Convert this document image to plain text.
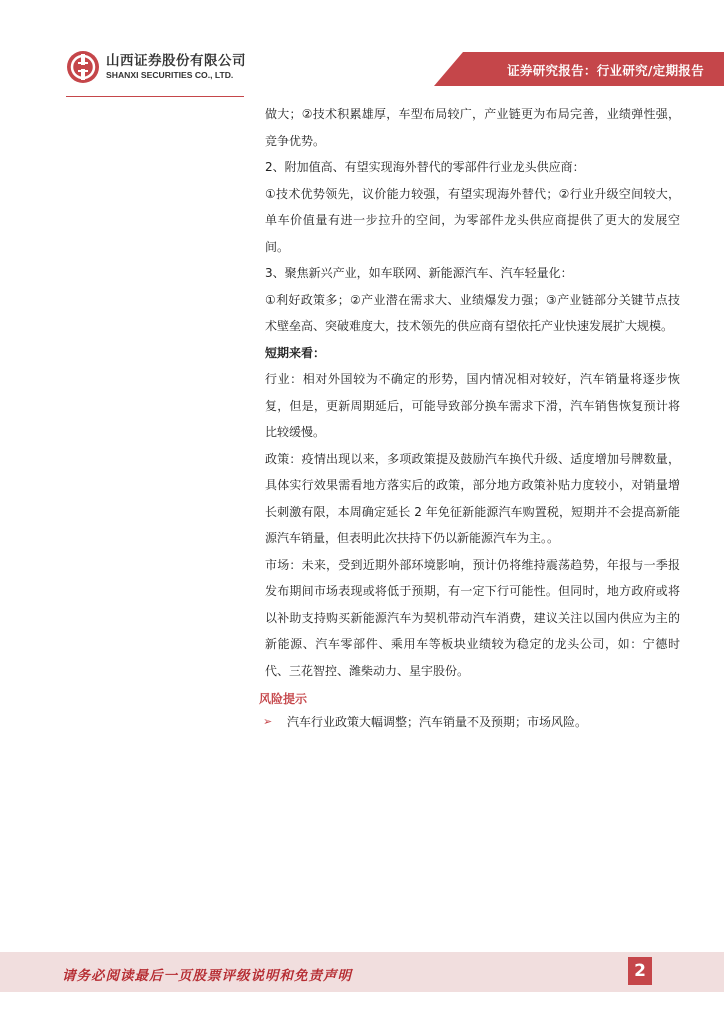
山西证券股份有限公司
SHANXI SECURITIES CO., LTD.	证券研究报告：行业研究/定期报告

做大；②技术积累雄厚，车型布局较广，产业链更为布局完善，业绩弹性强，竞争优势。

2、附加值高、有望实现海外替代的零部件行业龙头供应商：

①技术优势领先，议价能力较强，有望实现海外替代；②行业升级空间较大，单车价值量有进一步拉升的空间，为零部件龙头供应商提供了更大的发展空间。

3、聚焦新兴产业，如车联网、新能源汽车、汽车轻量化：

①利好政策多；②产业潜在需求大、业绩爆发力强；③产业链部分关键节点技术壁垒高、突破难度大，技术领先的供应商有望依托产业快速发展扩大规模。

短期来看：

行业：相对外国较为不确定的形势，国内情况相对较好，汽车销量将逐步恢复，但是，更新周期延后，可能导致部分换车需求下滑，汽车销售恢复预计将比较缓慢。

政策：疫情出现以来，多项政策提及鼓励汽车换代升级、适度增加号牌数量，具体实行效果需看地方落实后的政策，部分地方政策补贴力度较小，对销量增长刺激有限，本周确定延长 2 年免征新能源汽车购置税，短期并不会提高新能源汽车销量，但表明此次扶持下仍以新能源汽车为主。。

市场：未来，受到近期外部环境影响，预计仍将维持震荡趋势，年报与一季报发布期间市场表现或将低于预期，有一定下行可能性。但同时，地方政府或将以补助支持购买新能源汽车为契机带动汽车消费，建议关注以国内供应为主的新能源、汽车零部件、乘用车等板块业绩较为稳定的龙头公司，如：宁德时代、三花智控、潍柴动力、星宇股份。

风险提示
➢	汽车行业政策大幅调整；汽车销量不及预期；市场风险。
请务必阅读最后一页股票评级说明和免责声明	2
